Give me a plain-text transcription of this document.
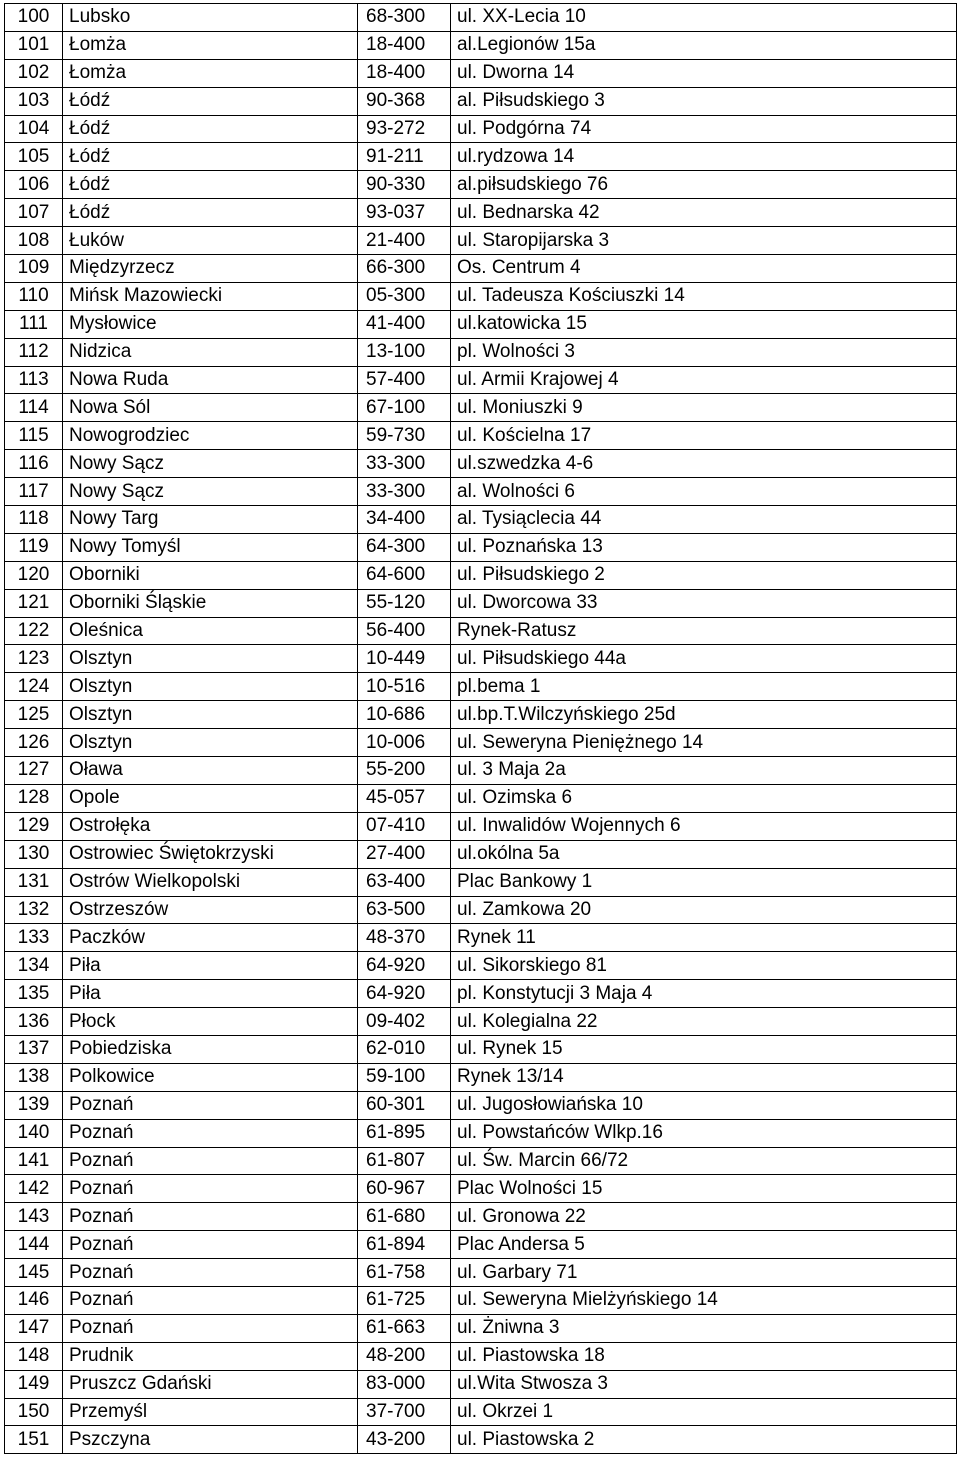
100	Lubsko	68-300	ul. XX-Lecia 10
101	Łomża	18-400	al.Legionów 15a
102	Łomża	18-400	ul. Dworna 14
103	Łódź	90-368	al. Piłsudskiego 3
104	Łódź	93-272	ul. Podgórna 74
105	Łódź	91-211	ul.rydzowa 14
106	Łódź	90-330	al.piłsudskiego 76
107	Łódź	93-037	ul. Bednarska 42
108	Łuków	21-400	ul. Staropijarska 3
109	Międzyrzecz	66-300	Os. Centrum 4
110	Mińsk Mazowiecki	05-300	ul. Tadeusza Kościuszki 14
111	Mysłowice	41-400	ul.katowicka 15
112	Nidzica	13-100	pl. Wolności 3
113	Nowa Ruda	57-400	ul. Armii Krajowej 4
114	Nowa Sól	67-100	ul. Moniuszki 9
115	Nowogrodziec	59-730	ul. Kościelna 17
116	Nowy Sącz	33-300	ul.szwedzka 4-6
117	Nowy Sącz	33-300	al. Wolności 6
118	Nowy Targ	34-400	al. Tysiąclecia 44
119	Nowy Tomyśl	64-300	ul. Poznańska 13
120	Oborniki	64-600	ul. Piłsudskiego 2
121	Oborniki Śląskie	55-120	ul. Dworcowa 33
122	Oleśnica	56-400	Rynek-Ratusz
123	Olsztyn	10-449	ul. Piłsudskiego 44a
124	Olsztyn	10-516	pl.bema 1
125	Olsztyn	10-686	ul.bp.T.Wilczyńskiego 25d
126	Olsztyn	10-006	ul. Seweryna Pieniężnego 14
127	Oława	55-200	ul. 3 Maja 2a
128	Opole	45-057	ul. Ozimska 6
129	Ostrołęka	07-410	ul. Inwalidów Wojennych 6
130	Ostrowiec Świętokrzyski	27-400	ul.okólna 5a
131	Ostrów Wielkopolski	63-400	Plac Bankowy 1
132	Ostrzeszów	63-500	ul. Zamkowa 20
133	Paczków	48-370	Rynek 11
134	Piła	64-920	ul. Sikorskiego 81
135	Piła	64-920	pl. Konstytucji 3 Maja 4
136	Płock	09-402	ul. Kolegialna 22
137	Pobiedziska	62-010	ul. Rynek 15
138	Polkowice	59-100	Rynek 13/14
139	Poznań	60-301	ul. Jugosłowiańska 10
140	Poznań	61-895	ul. Powstańców Wlkp.16
141	Poznań	61-807	ul. Św. Marcin 66/72
142	Poznań	60-967	Plac Wolności 15
143	Poznań	61-680	ul. Gronowa 22
144	Poznań	61-894	Plac Andersa 5
145	Poznań	61-758	ul. Garbary 71
146	Poznań	61-725	ul. Seweryna Mielżyńskiego 14
147	Poznań	61-663	ul. Żniwna 3
148	Prudnik	48-200	ul. Piastowska 18
149	Pruszcz Gdański	83-000	ul.Wita Stwosza 3
150	Przemyśl	37-700	ul. Okrzei 1
151	Pszczyna	43-200	ul. Piastowska 2
